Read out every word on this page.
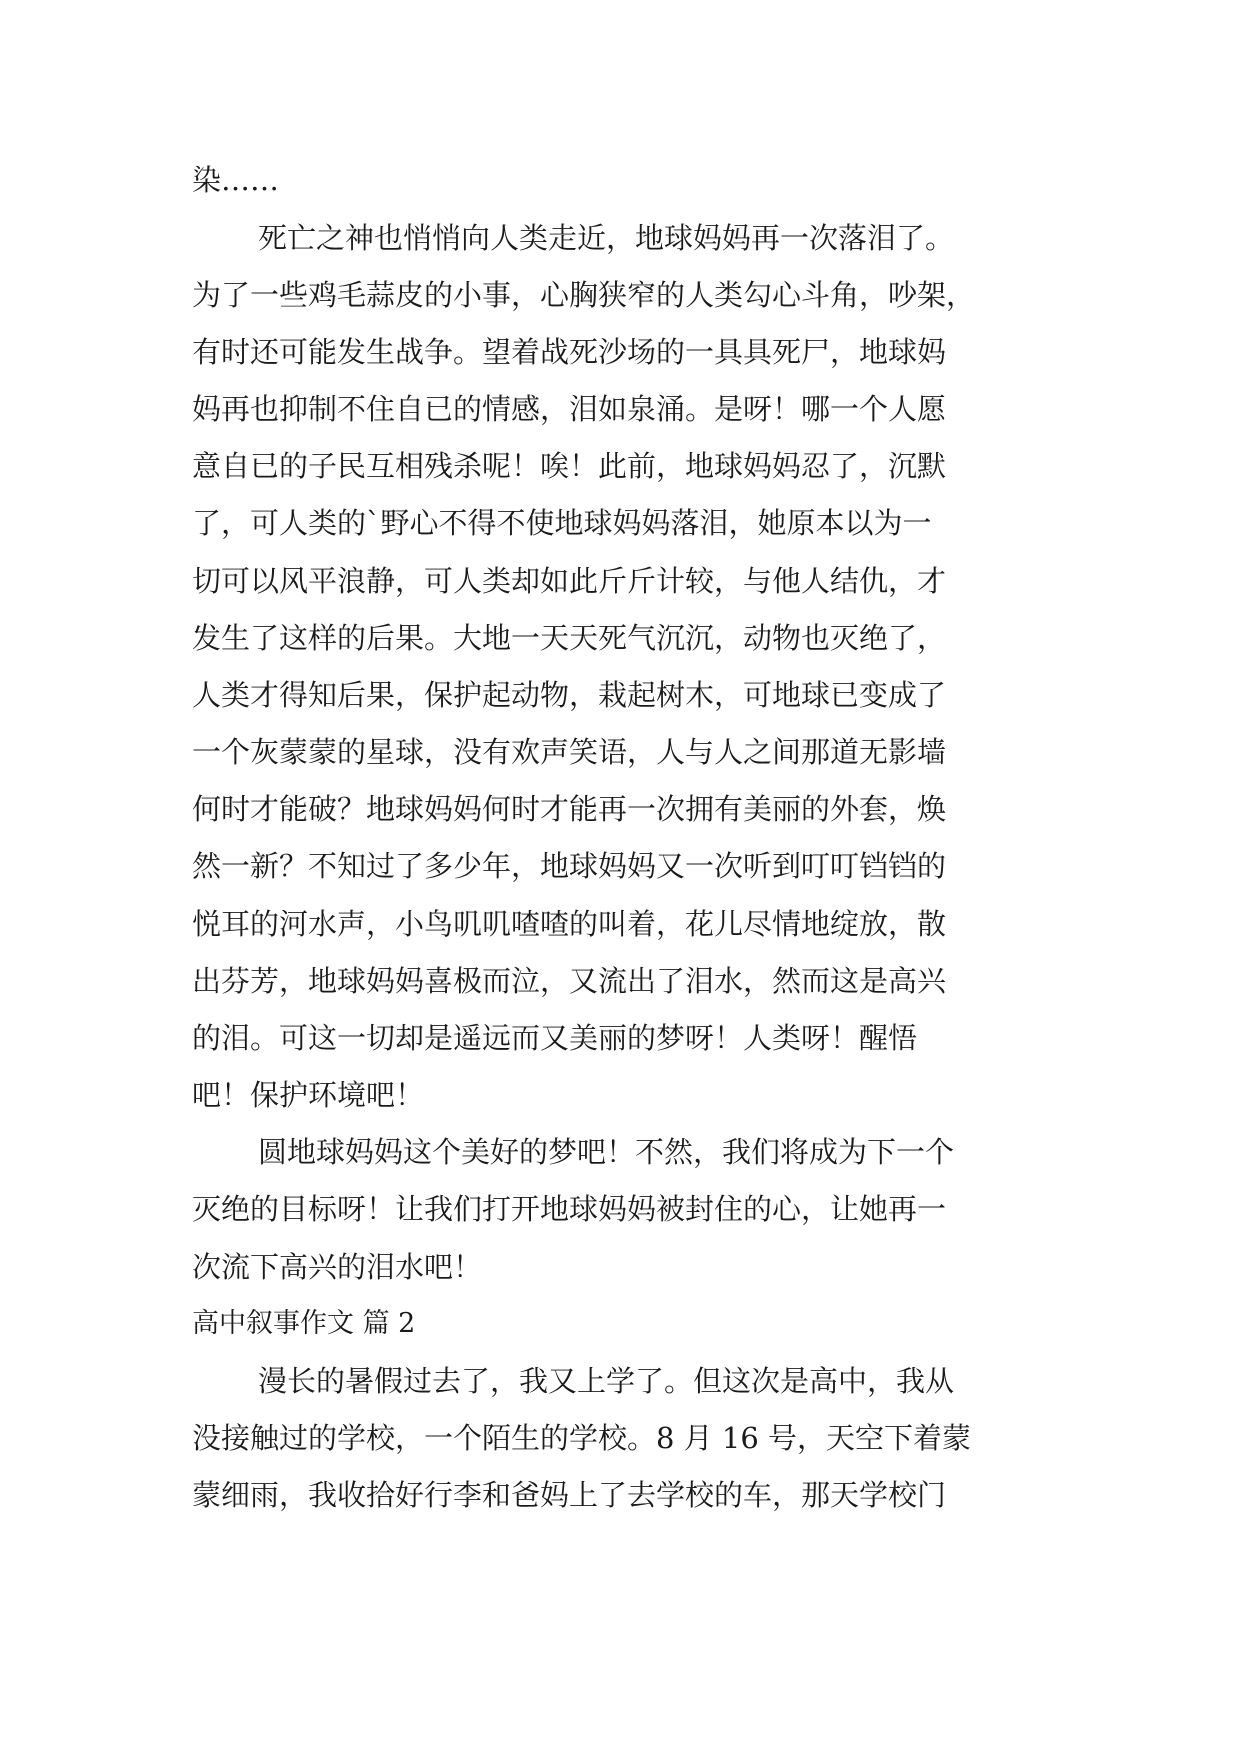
染……

死亡之神也悄悄向人类走近，地球妈妈再一次落泪了。

为了一些鸡毛蒜皮的小事，心胸狭窄的人类勾心斗角，吵架，

有时还可能发生战争。望着战死沙场的一具具死尸，地球妈

妈再也抑制不住自已的情感，泪如泉涌。是呀！哪一个人愿

意自已的子民互相残杀呢！唉！此前，地球妈妈忍了，沉默

了，可人类的`野心不得不使地球妈妈落泪，她原本以为一

切可以风平浪静，可人类却如此斤斤计较，与他人结仇，才

发生了这样的后果。大地一天天死气沉沉，动物也灭绝了，

人类才得知后果，保护起动物，栽起树木，可地球已变成了

一个灰蒙蒙的星球，没有欢声笑语，人与人之间那道无影墙

何时才能破？地球妈妈何时才能再一次拥有美丽的外套，焕

然一新？不知过了多少年，地球妈妈又一次听到叮叮铛铛的

悦耳的河水声，小鸟叽叽喳喳的叫着，花儿尽情地绽放，散

出芬芳，地球妈妈喜极而泣，又流出了泪水，然而这是高兴

的泪。可这一切却是遥远而又美丽的梦呀！人类呀！醒悟

吧！保护环境吧！

圆地球妈妈这个美好的梦吧！不然，我们将成为下一个

灭绝的目标呀！让我们打开地球妈妈被封住的心，让她再一

次流下高兴的泪水吧！

高中叙事作文 篇 2

漫长的暑假过去了，我又上学了。但这次是高中，我从

没接触过的学校，一个陌生的学校。8 月 16 号，天空下着蒙

蒙细雨，我收拾好行李和爸妈上了去学校的车，那天学校门
